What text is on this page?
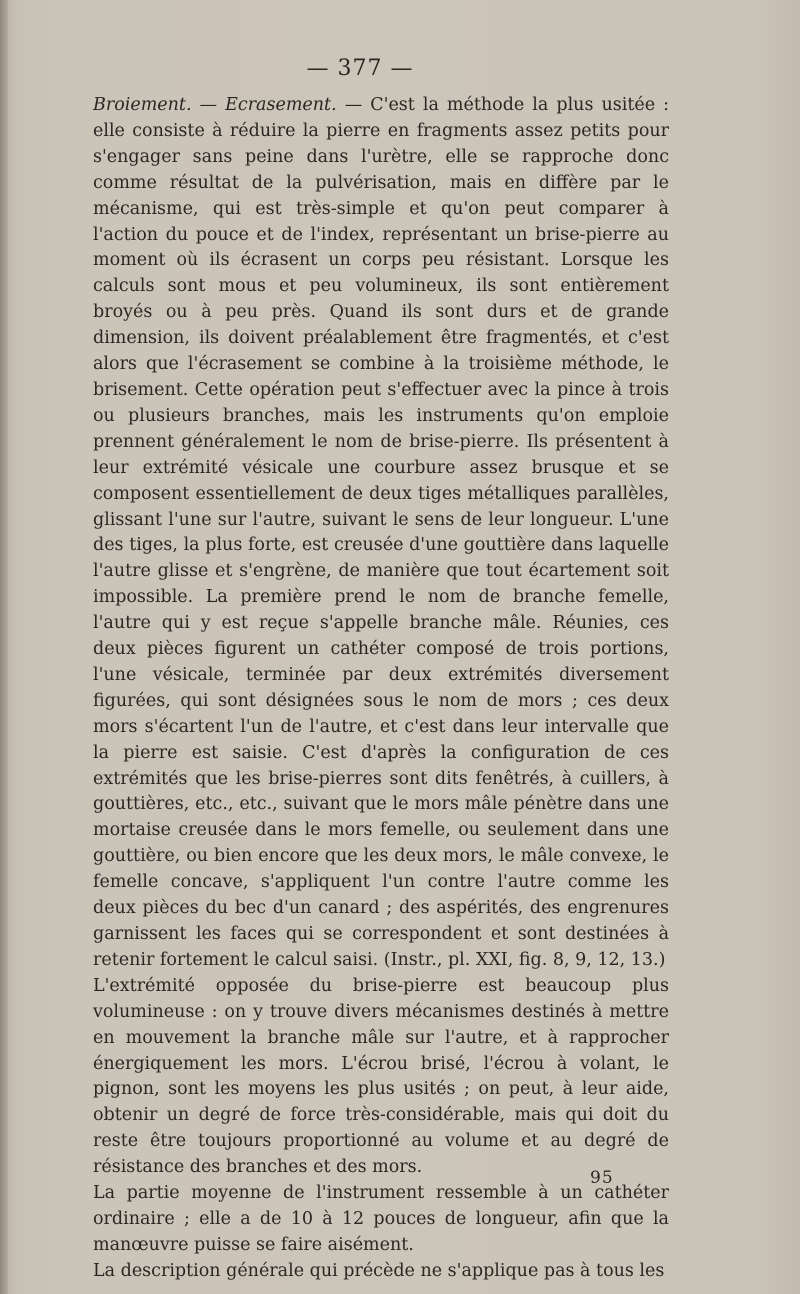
— 377 —

Broiement. — Ecrasement. — C'est la méthode la plus usitée : elle consiste à réduire la pierre en fragments assez petits pour s'engager sans peine dans l'urètre, elle se rapproche donc comme résultat de la pulvérisation, mais en diffère par le mécanisme, qui est très-simple et qu'on peut comparer à l'action du pouce et de l'index, représentant un brise-pierre au moment où ils écrasent un corps peu résistant. Lorsque les calculs sont mous et peu volumineux, ils sont entièrement broyés ou à peu près. Quand ils sont durs et de grande dimension, ils doivent préalablement être fragmentés, et c'est alors que l'écrasement se combine à la troisième méthode, le brisement. Cette opération peut s'effectuer avec la pince à trois ou plusieurs branches, mais les instruments qu'on emploie prennent généralement le nom de brise-pierre. Ils présentent à leur extrémité vésicale une courbure assez brusque et se composent essentiellement de deux tiges métalliques parallèles, glissant l'une sur l'autre, suivant le sens de leur longueur. L'une des tiges, la plus forte, est creusée d'une gouttière dans laquelle l'autre glisse et s'engrène, de manière que tout écartement soit impossible. La première prend le nom de branche femelle, l'autre qui y est reçue s'appelle branche mâle. Réunies, ces deux pièces figurent un cathéter composé de trois portions, l'une vésicale, terminée par deux extrémités diversement figurées, qui sont désignées sous le nom de mors ; ces deux mors s'écartent l'un de l'autre, et c'est dans leur intervalle que la pierre est saisie. C'est d'après la configuration de ces extrémités que les brise-pierres sont dits fenêtrés, à cuillers, à gouttières, etc., etc., suivant que le mors mâle pénètre dans une mortaise creusée dans le mors femelle, ou seulement dans une gouttière, ou bien encore que les deux mors, le mâle convexe, le femelle concave, s'appliquent l'un contre l'autre comme les deux pièces du bec d'un canard ; des aspérités, des engrenures garnissent les faces qui se correspondent et sont destinées à retenir fortement le calcul saisi. (Instr., pl. XXI, fig. 8, 9, 12, 13.)

L'extrémité opposée du brise-pierre est beaucoup plus volumineuse : on y trouve divers mécanismes destinés à mettre en mouvement la branche mâle sur l'autre, et à rapprocher énergiquement les mors. L'écrou brisé, l'écrou à volant, le pignon, sont les moyens les plus usités ; on peut, à leur aide, obtenir un degré de force très-considérable, mais qui doit du reste être toujours proportionné au volume et au degré de résistance des branches et des mors.

La partie moyenne de l'instrument ressemble à un cathéter ordinaire ; elle a de 10 à 12 pouces de longueur, afin que la manœuvre puisse se faire aisément.

La description générale qui précède ne s'applique pas à tous les

95
